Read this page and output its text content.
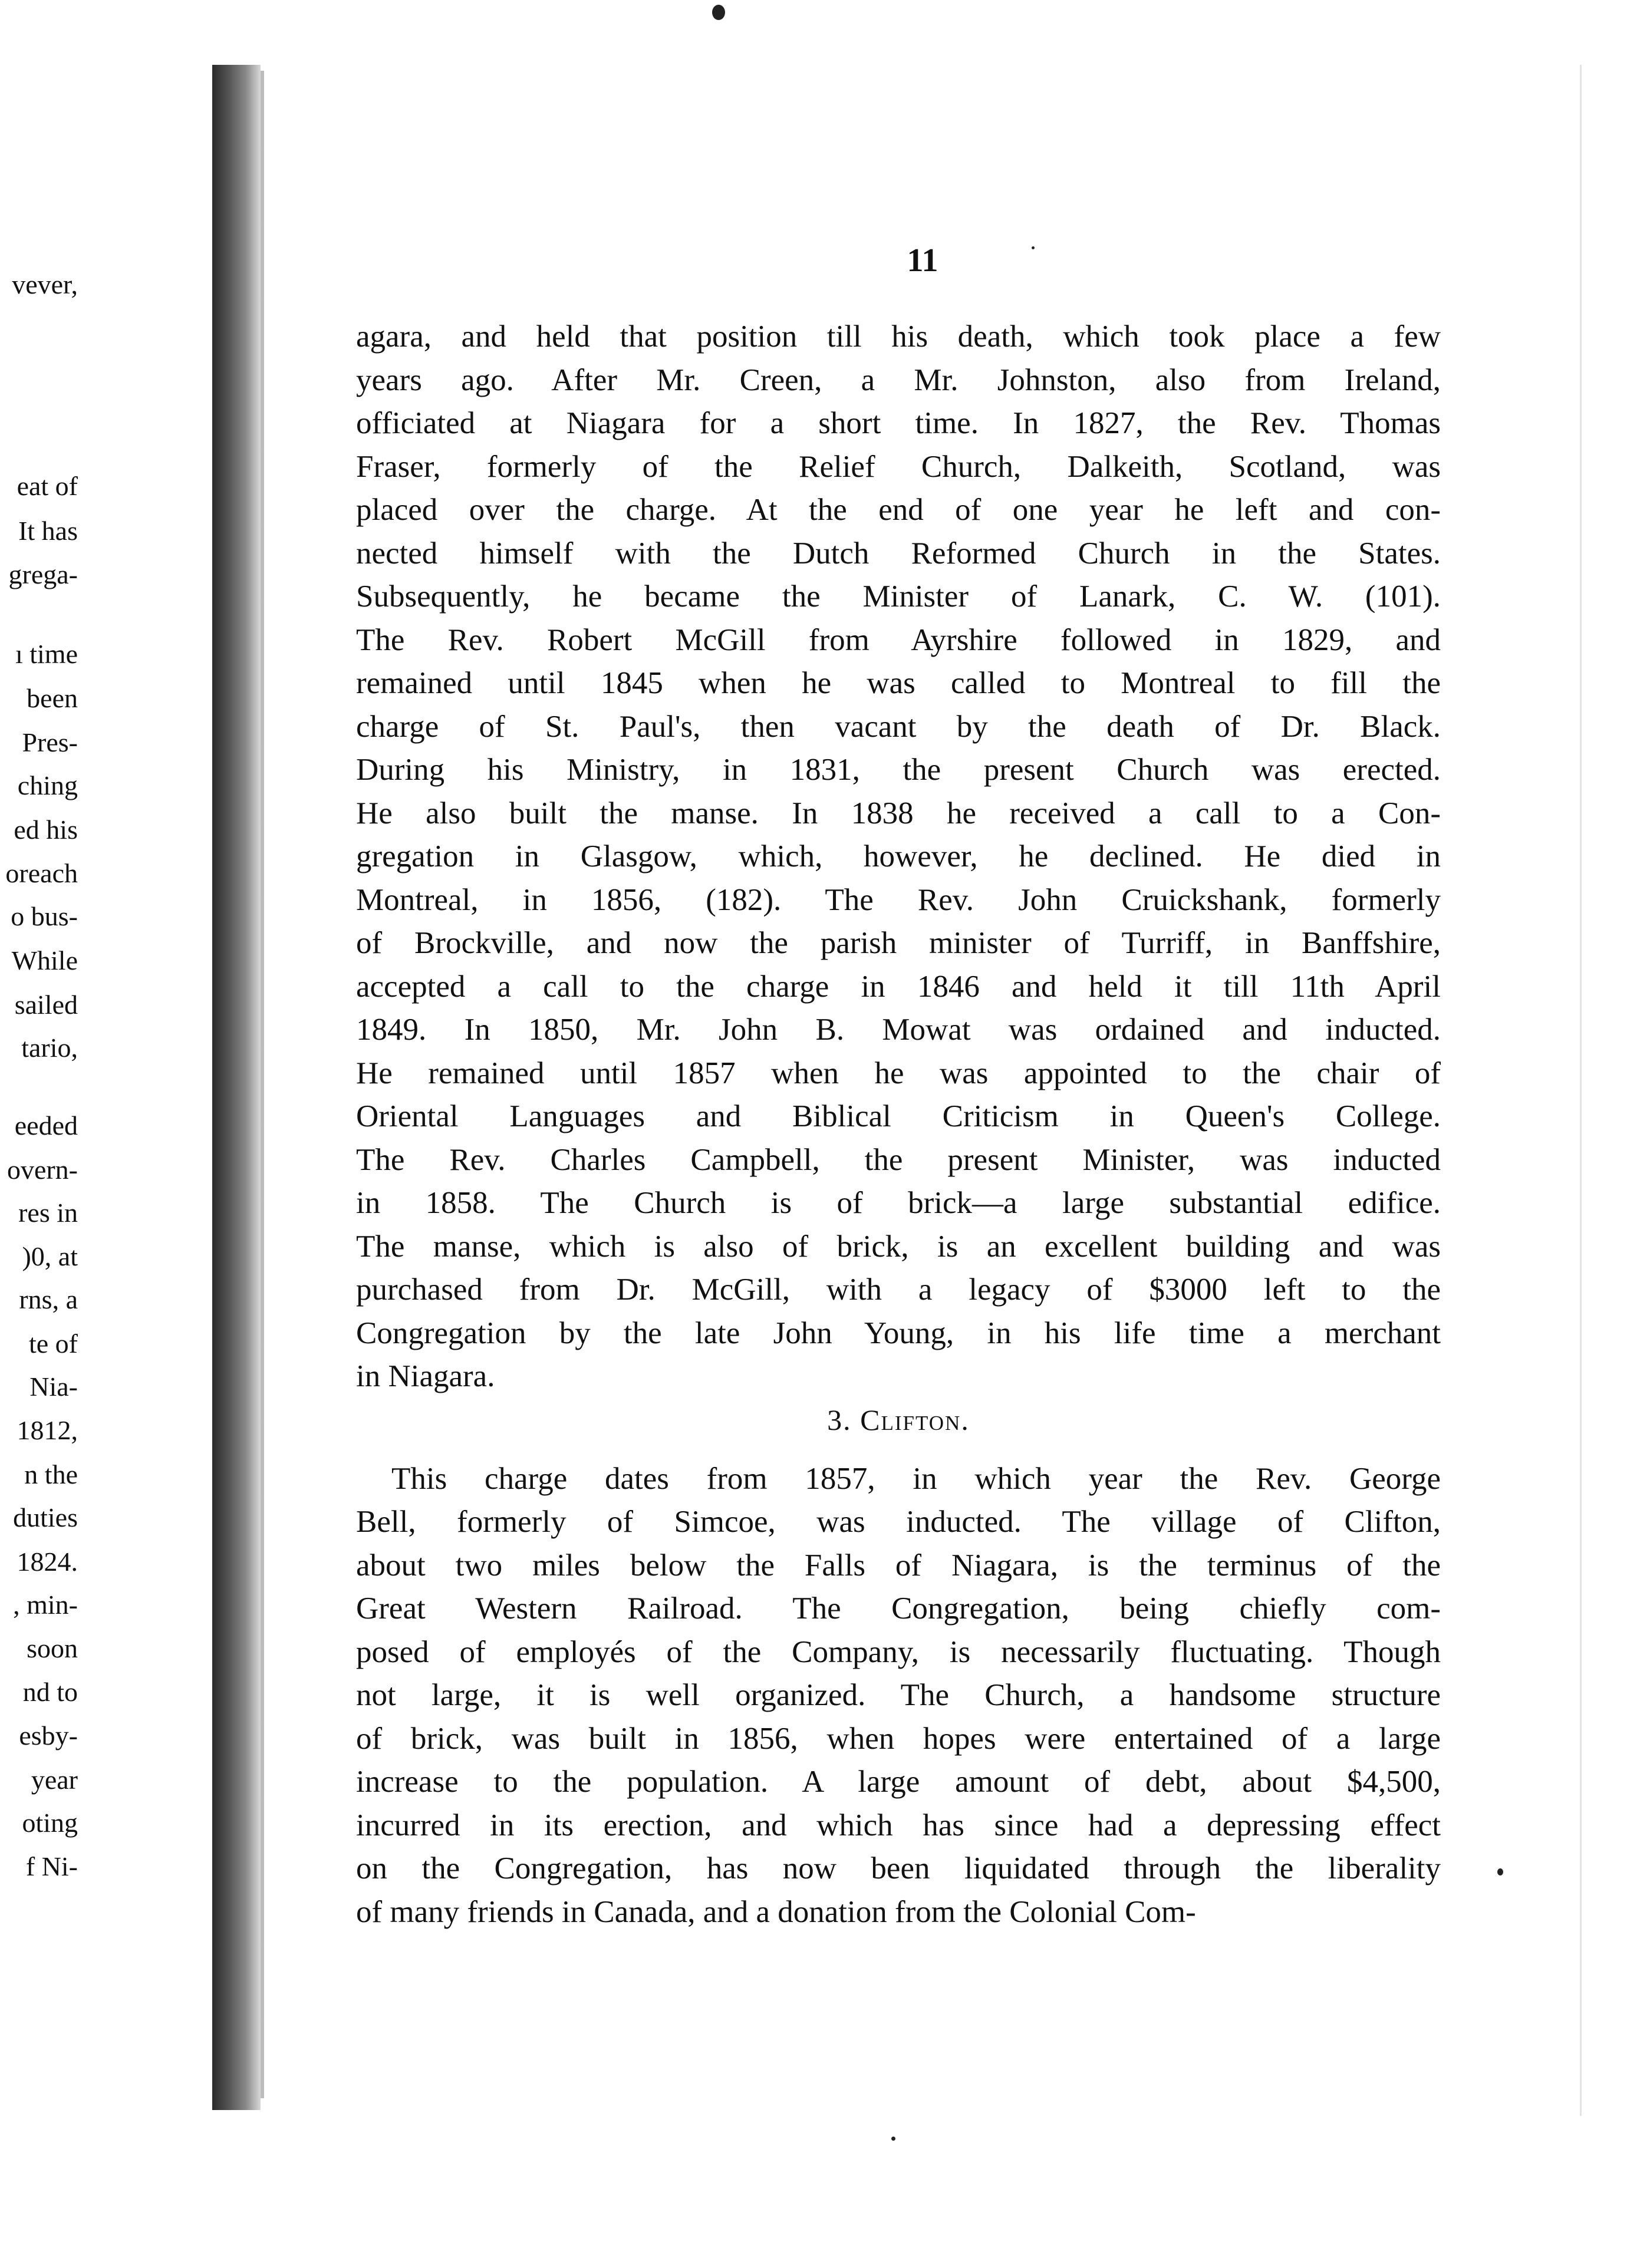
vever,
eat of
It has
grega-
ı time
been
Pres-
ching
ed his
oreach
o bus-
While
sailed
tario,
eeded
overn-
res in
)0, at
rns, a
te of
Nia-
1812,
n the
duties
1824.
, min-
soon
nd to
esby-
year
oting
f Ni-
11
agara, and held that position till his death, which took place a few
years ago. After Mr. Creen, a Mr. Johnston, also from Ireland,
officiated at Niagara for a short time. In 1827, the Rev. Thomas
Fraser, formerly of the Relief Church, Dalkeith, Scotland, was
placed over the charge. At the end of one year he left and con-
nected himself with the Dutch Reformed Church in the States.
Subsequently, he became the Minister of Lanark, C. W. (101).
The Rev. Robert McGill from Ayrshire followed in 1829, and
remained until 1845 when he was called to Montreal to fill the
charge of St. Paul's, then vacant by the death of Dr. Black.
During his Ministry, in 1831, the present Church was erected.
He also built the manse. In 1838 he received a call to a Con-
gregation in Glasgow, which, however, he declined. He died in
Montreal, in 1856, (182). The Rev. John Cruickshank, formerly
of Brockville, and now the parish minister of Turriff, in Banffshire,
accepted a call to the charge in 1846 and held it till 11th April
1849. In 1850, Mr. John B. Mowat was ordained and inducted.
He remained until 1857 when he was appointed to the chair of
Oriental Languages and Biblical Criticism in Queen's College.
The Rev. Charles Campbell, the present Minister, was inducted
in 1858. The Church is of brick—a large substantial edifice.
The manse, which is also of brick, is an excellent building and was
purchased from Dr. McGill, with a legacy of $3000 left to the
Congregation by the late John Young, in his life time a merchant
in Niagara.
3. Clifton.
This charge dates from 1857, in which year the Rev. George
Bell, formerly of Simcoe, was inducted. The village of Clifton,
about two miles below the Falls of Niagara, is the terminus of the
Great Western Railroad. The Congregation, being chiefly com-
posed of employés of the Company, is necessarily fluctuating. Though
not large, it is well organized. The Church, a handsome structure
of brick, was built in 1856, when hopes were entertained of a large
increase to the population. A large amount of debt, about $4,500,
incurred in its erection, and which has since had a depressing effect
on the Congregation, has now been liquidated through the liberality
of many friends in Canada, and a donation from the Colonial Com-
